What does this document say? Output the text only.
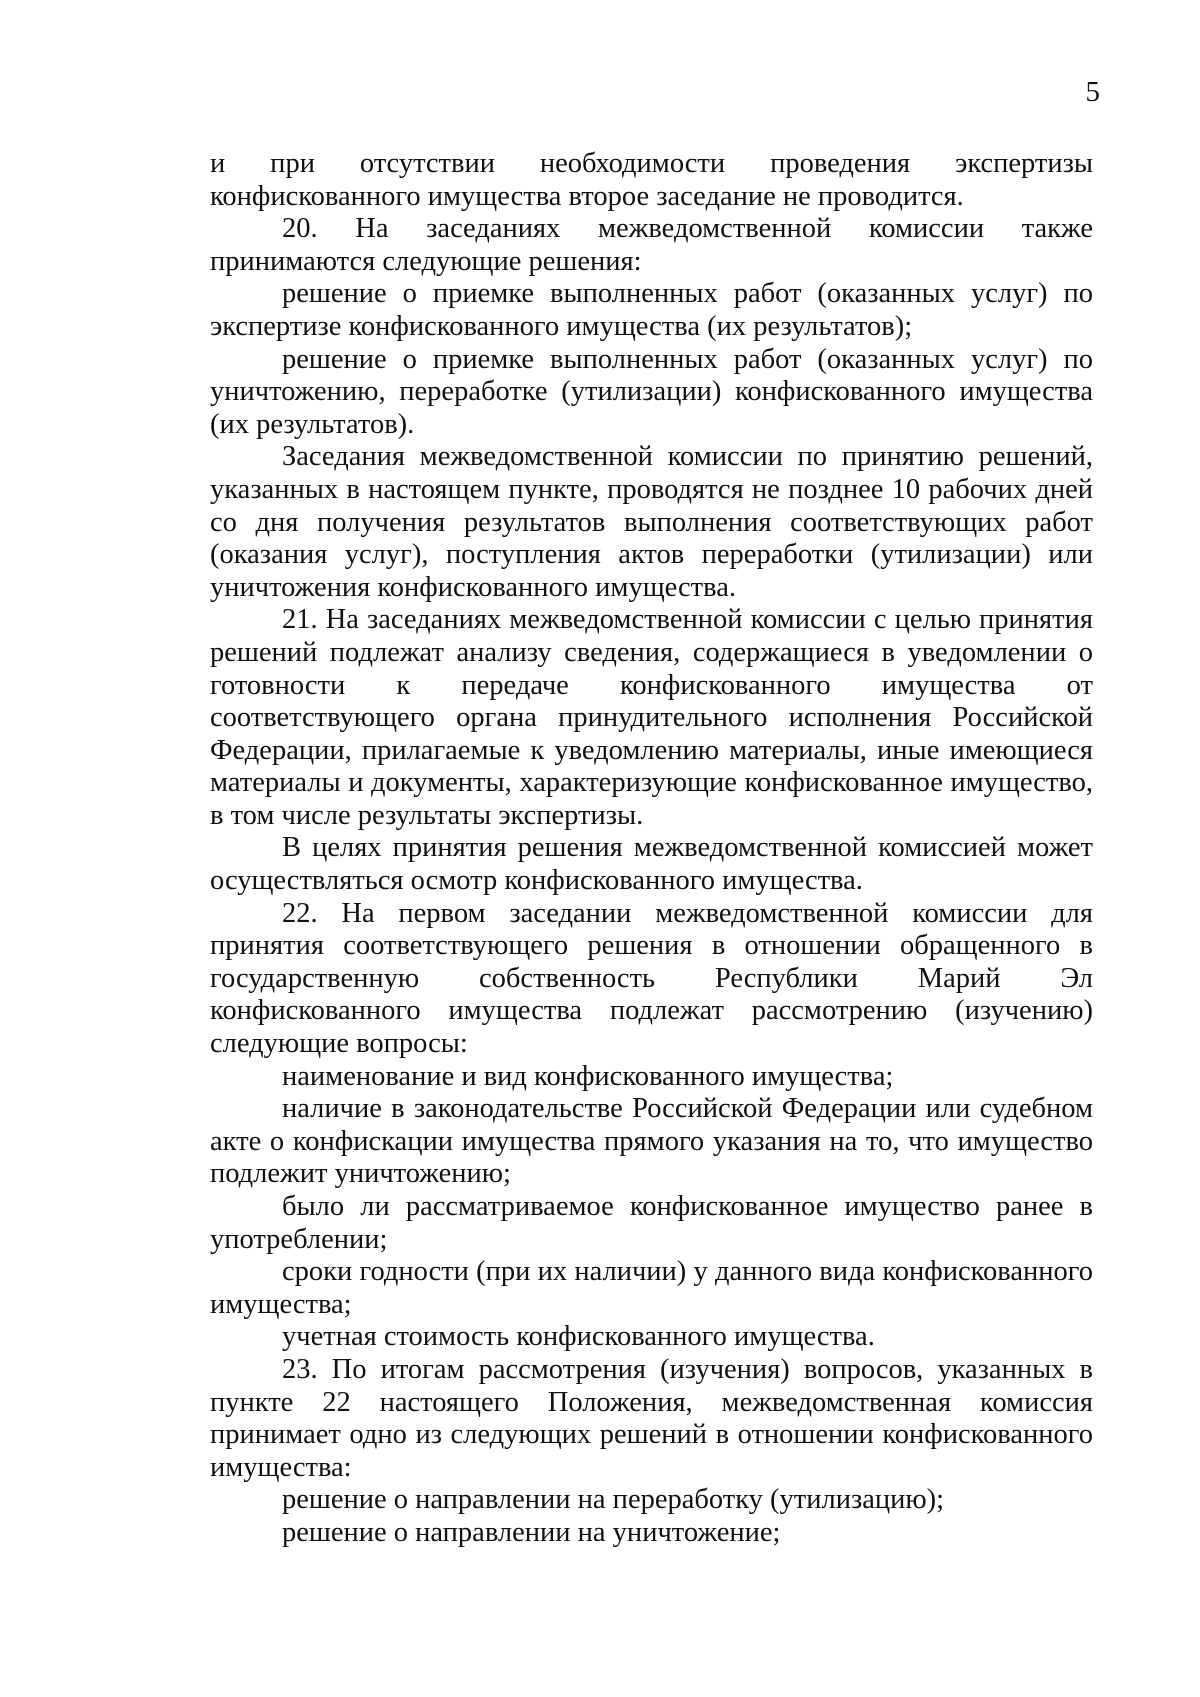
5

и при отсутствии необходимости проведения экспертизы конфискованного имущества второе заседание не проводится.

20. На заседаниях межведомственной комиссии также принимаются следующие решения:

решение о приемке выполненных работ (оказанных услуг) по экспертизе конфискованного имущества (их результатов);

решение о приемке выполненных работ (оказанных услуг) по уничтожению, переработке (утилизации) конфискованного имущества (их результатов).

Заседания межведомственной комиссии по принятию решений, указанных в настоящем пункте, проводятся не позднее 10 рабочих дней со дня получения результатов выполнения соответствующих работ (оказания услуг), поступления актов переработки (утилизации) или уничтожения конфискованного имущества.

21. На заседаниях межведомственной комиссии с целью принятия решений подлежат анализу сведения, содержащиеся в уведомлении о готовности к передаче конфискованного имущества от соответствующего органа принудительного исполнения Российской Федерации, прилагаемые к уведомлению материалы, иные имеющиеся материалы и документы, характеризующие конфискованное имущество, в том числе результаты экспертизы.

В целях принятия решения межведомственной комиссией может осуществляться осмотр конфискованного имущества.

22. На первом заседании межведомственной комиссии для принятия соответствующего решения в отношении обращенного в государственную собственность Республики Марий Эл конфискованного имущества подлежат рассмотрению (изучению) следующие вопросы:

наименование и вид конфискованного имущества;

наличие в законодательстве Российской Федерации или судебном акте о конфискации имущества прямого указания на то, что имущество подлежит уничтожению;

было ли рассматриваемое конфискованное имущество ранее в употреблении;

сроки годности (при их наличии) у данного вида конфискованного имущества;

учетная стоимость конфискованного имущества.

23. По итогам рассмотрения (изучения) вопросов, указанных в пункте 22 настоящего Положения, межведомственная комиссия принимает одно из следующих решений в отношении конфискованного имущества:

решение о направлении на переработку (утилизацию);

решение о направлении на уничтожение;
